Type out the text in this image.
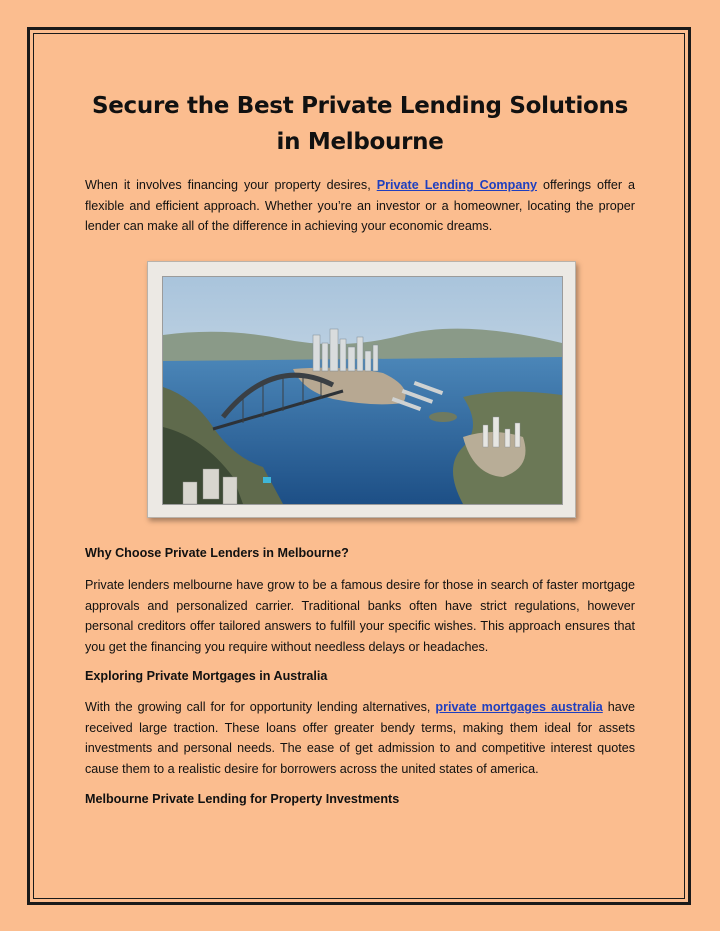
Secure the Best Private Lending Solutions in Melbourne
When it involves financing your property desires, Private Lending Company offerings offer a flexible and efficient approach. Whether you’re an investor or a homeowner, locating the proper lender can make all of the difference in achieving your economic dreams.
Why Choose Private Lenders in Melbourne?
Private lenders melbourne have grow to be a famous desire for those in search of faster mortgage approvals and personalized carrier. Traditional banks often have strict regulations, however personal creditors offer tailored answers to fulfill your specific wishes. This approach ensures that you get the financing you require without needless delays or headaches.
Exploring Private Mortgages in Australia
With the growing call for for opportunity lending alternatives, private mortgages australia have received large traction. These loans offer greater bendy terms, making them ideal for assets investments and personal needs. The ease of get admission to and competitive interest quotes cause them to a realistic desire for borrowers across the united states of america.
Melbourne Private Lending for Property Investments
